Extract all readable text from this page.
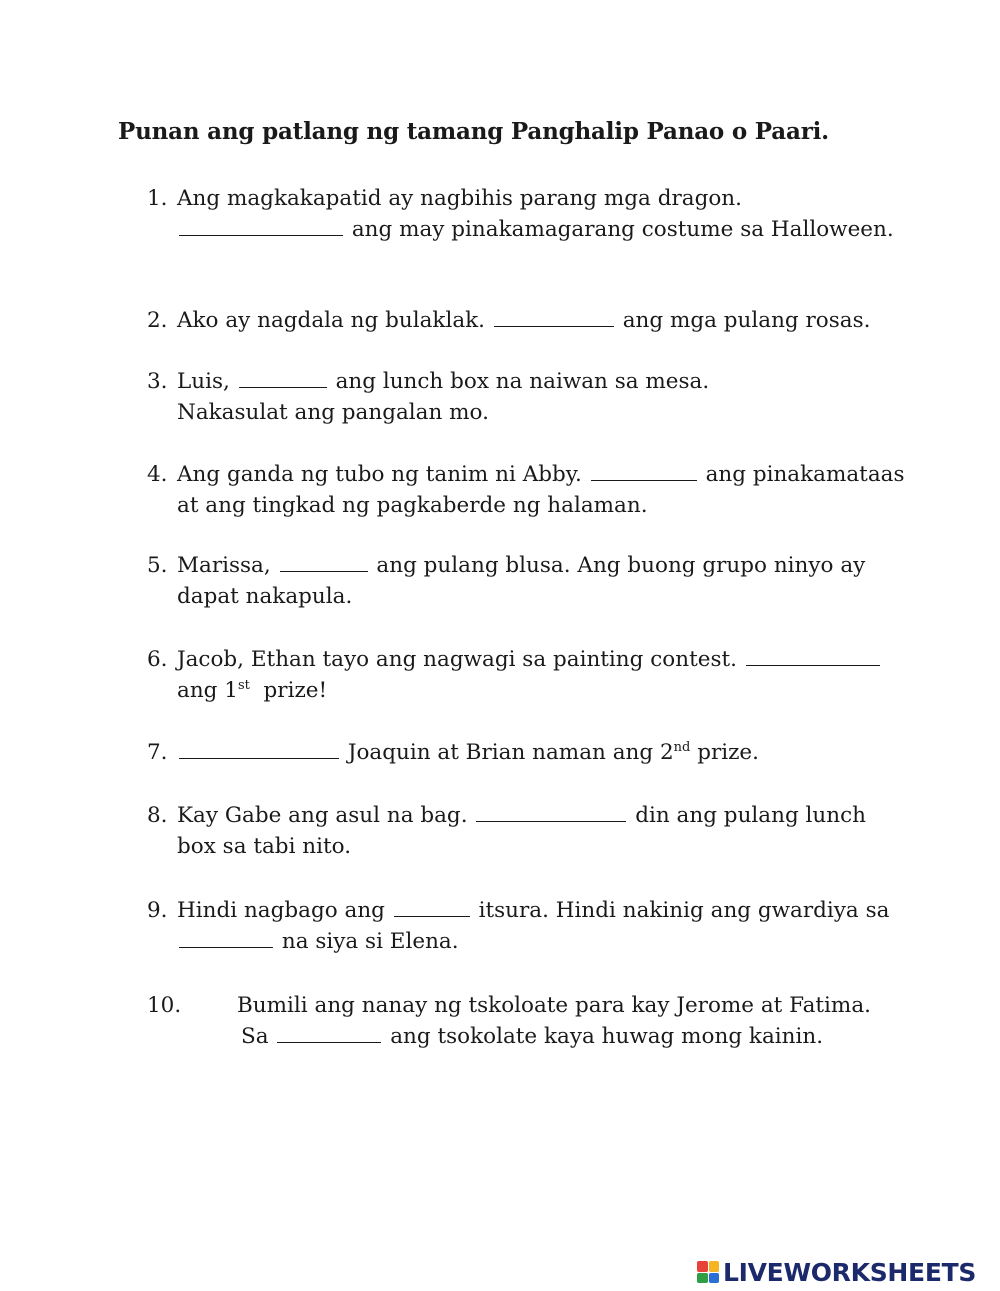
Punan ang patlang ng tamang Panghalip Panao o Paari.
1. Ang magkakapatid ay nagbihis parang mga dragon.
ang may pinakamagarang costume sa Halloween.
2. Ako ay nagdala ng bulaklak.	ang mga pulang rosas.
3. Luis,	ang lunch box na naiwan sa mesa.
Nakasulat ang pangalan mo.
4. Ang ganda ng tubo ng tanim ni Abby.	ang pinakamataas at ang tingkad ng pagkaberde ng halaman.
5. Marissa,	ang pulang blusa. Ang buong grupo ninyo ay dapat nakapula.
6. Jacob, Ethan tayo ang nagwagi sa painting contest.
ang 1st prize!
7.	Joaquin at Brian naman ang 2nd prize.
8. Kay Gabe ang asul na bag.	din ang pulang lunch box sa tabi nito.
9. Hindi nagbago ang	itsura. Hindi nakinig ang gwardiya sa  na siya si Elena.
10.	Bumili ang nanay ng tskoloate para kay Jerome at Fatima.
Sa	ang tsokolate kaya huwag mong kainin.
LIVEWORKSHEETS
